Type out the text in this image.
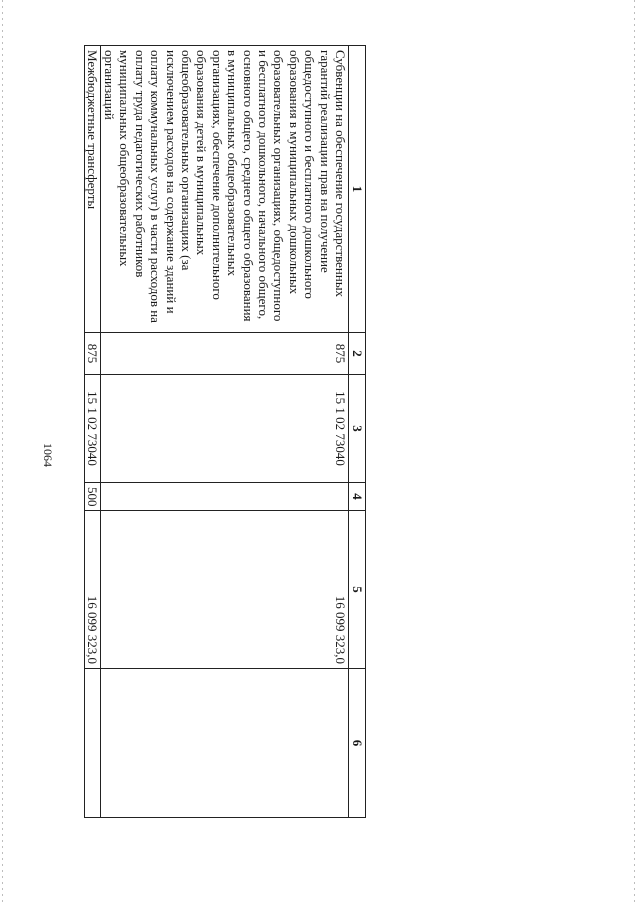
1064
1	2	3	4	5	6
Субвенции на обеспечение государственных гарантий реализации прав на получение общедоступного и бесплатного дошкольного образования в муниципальных дошкольных образовательных организациях, общедоступного и бесплатного дошкольного, начального общего, основного общего, среднего общего образования в муниципальных общеобразовательных организациях, обеспечение дополнительного образования детей в муниципальных общеобразовательных организациях (за исключением расходов на содержание зданий и оплату коммунальных услуг) в части расходов на оплату труда педагогических работников муниципальных общеобразовательных организаций	875	15 1 02 73040		16 099 323,0	
Межбюджетные трансферты	875	15 1 02 73040	500	16 099 323,0	
